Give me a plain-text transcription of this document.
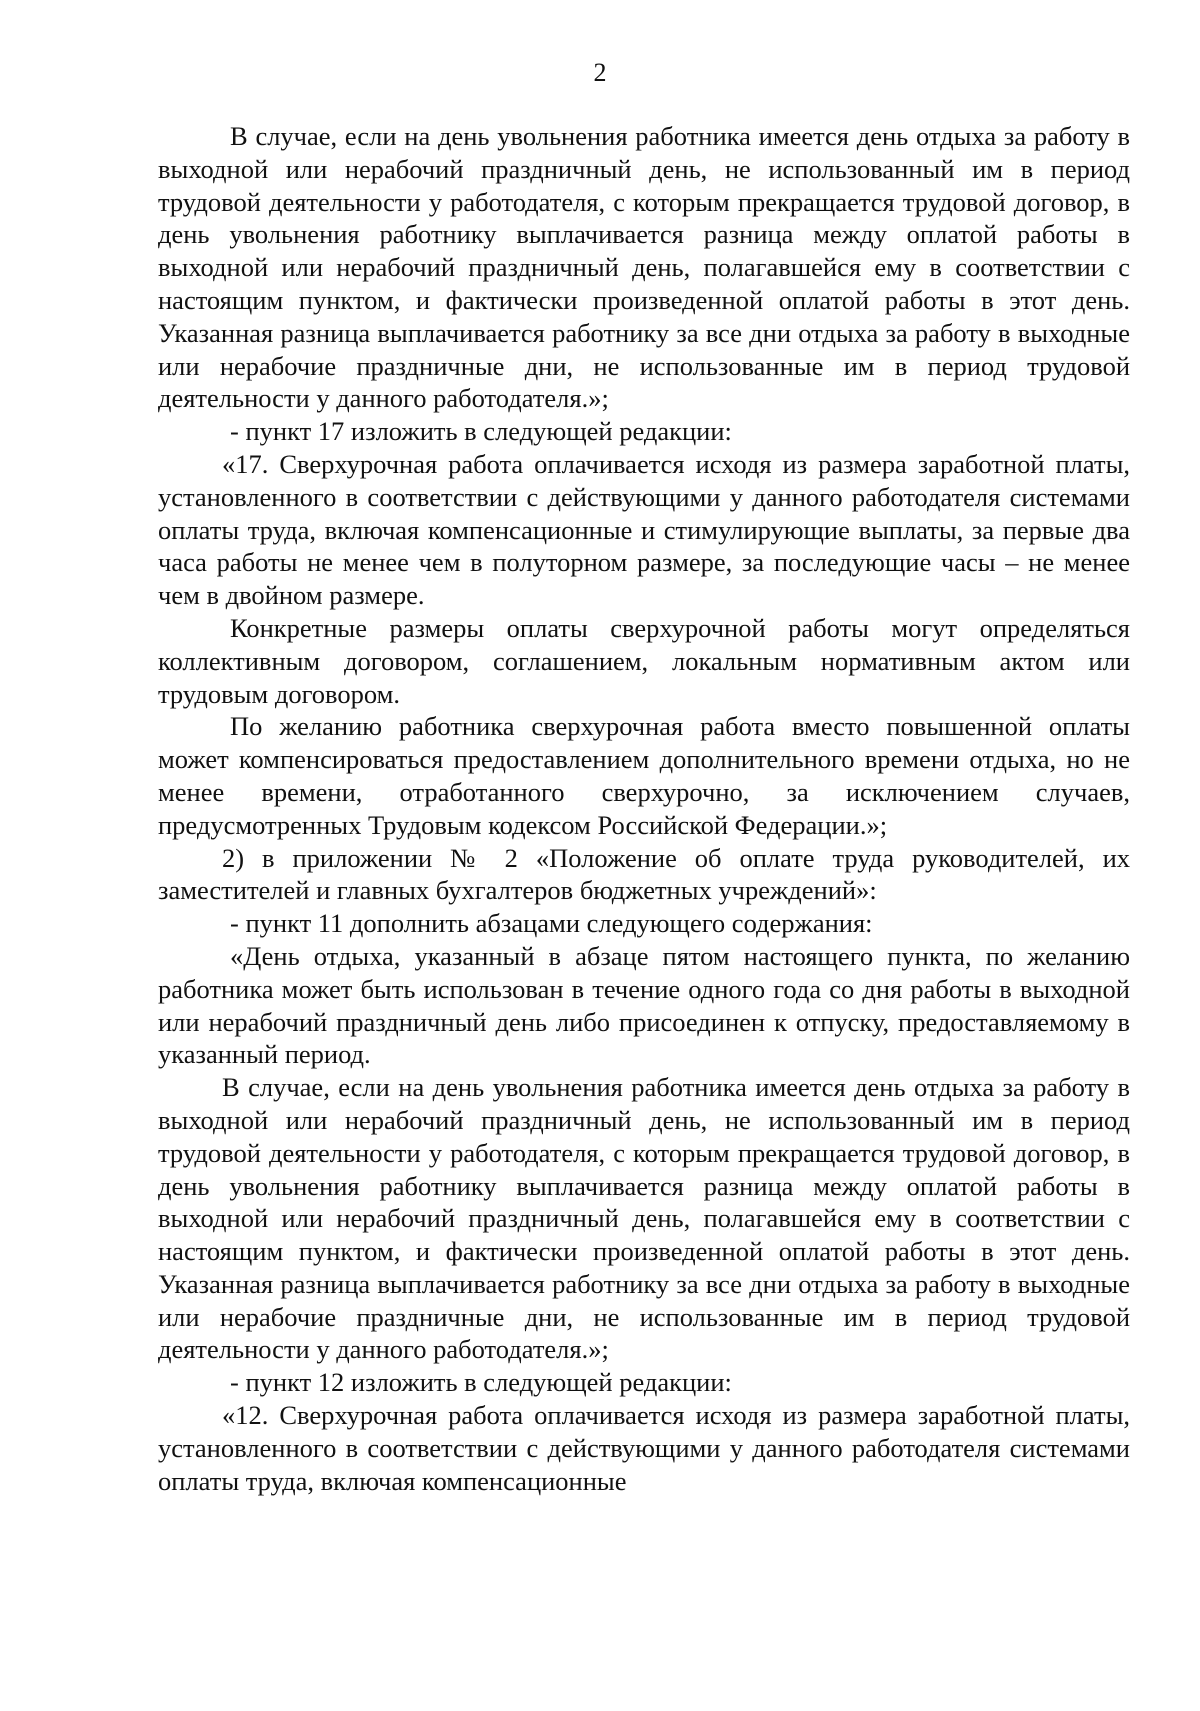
2

В случае, если на день увольнения работника имеется день отдыха за работу в выходной или нерабочий праздничный день, не использованный им в период трудовой деятельности у работодателя, с которым прекращается трудовой договор, в день увольнения работнику выплачивается разница между оплатой работы в выходной или нерабочий праздничный день, полагавшейся ему в соответствии с настоящим пунктом, и фактически произведенной оплатой работы в этот день. Указанная разница выплачивается работнику за все дни отдыха за работу в выходные или нерабочие праздничные дни, не использованные им в период трудовой деятельности у данного работодателя.»;

- пункт 17 изложить в следующей редакции:

«17. Сверхурочная работа оплачивается исходя из размера заработной платы, установленного в соответствии с действующими у данного работодателя системами оплаты труда, включая компенсационные и стимулирующие выплаты, за первые два часа работы не менее чем в полуторном размере, за последующие часы – не менее чем в двойном размере.

Конкретные размеры оплаты сверхурочной работы могут определяться коллективным договором, соглашением, локальным нормативным актом или трудовым договором.

По желанию работника сверхурочная работа вместо повышенной оплаты может компенсироваться предоставлением дополнительного времени отдыха, но не менее времени, отработанного сверхурочно, за исключением случаев, предусмотренных Трудовым кодексом Российской Федерации.»;

2) в приложении № 2 «Положение об оплате труда руководителей, их заместителей и главных бухгалтеров бюджетных учреждений»:

- пункт 11 дополнить абзацами следующего содержания:

«День отдыха, указанный в абзаце пятом настоящего пункта, по желанию работника может быть использован в течение одного года со дня работы в выходной или нерабочий праздничный день либо присоединен к отпуску, предоставляемому в указанный период.

В случае, если на день увольнения работника имеется день отдыха за работу в выходной или нерабочий праздничный день, не использованный им в период трудовой деятельности у работодателя, с которым прекращается трудовой договор, в день увольнения работнику выплачивается разница между оплатой работы в выходной или нерабочий праздничный день, полагавшейся ему в соответствии с настоящим пунктом, и фактически произведенной оплатой работы в этот день. Указанная разница выплачивается работнику за все дни отдыха за работу в выходные или нерабочие праздничные дни, не использованные им в период трудовой деятельности у данного работодателя.»;

- пункт 12 изложить в следующей редакции:

«12. Сверхурочная работа оплачивается исходя из размера заработной платы, установленного в соответствии с действующими у данного работодателя системами оплаты труда, включая компенсационные
